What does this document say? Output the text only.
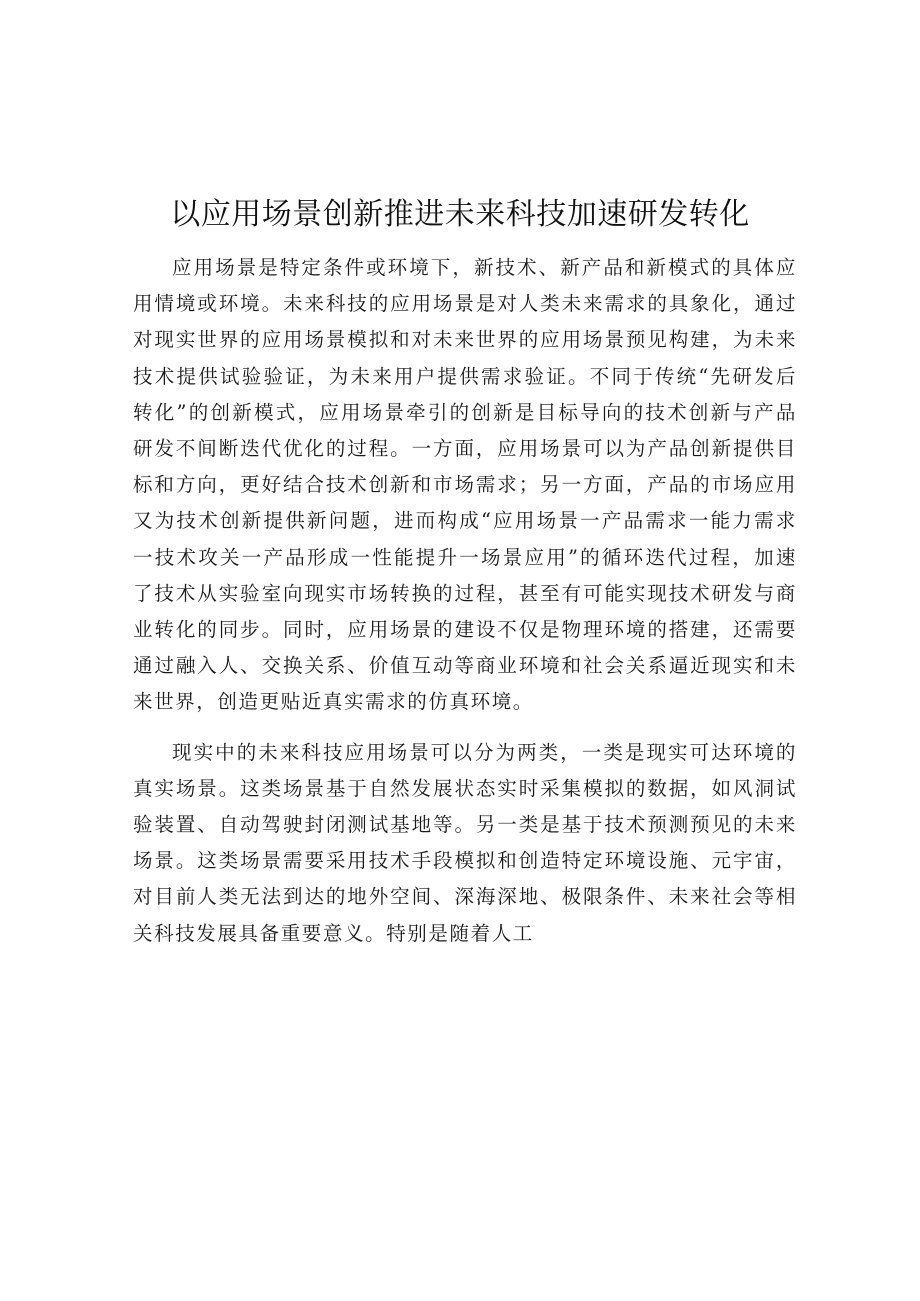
以应用场景创新推进未来科技加速研发转化

应用场景是特定条件或环境下，新技术、新产品和新模式的具体应用情境或环境。未来科技的应用场景是对人类未来需求的具象化，通过对现实世界的应用场景模拟和对未来世界的应用场景预见构建，为未来技术提供试验验证，为未来用户提供需求验证。不同于传统“先研发后转化”的创新模式，应用场景牵引的创新是目标导向的技术创新与产品研发不间断迭代优化的过程。一方面，应用场景可以为产品创新提供目标和方向，更好结合技术创新和市场需求；另一方面，产品的市场应用又为技术创新提供新问题，进而构成“应用场景一产品需求一能力需求一技术攻关一产品形成一性能提升一场景应用”的循环迭代过程，加速了技术从实验室向现实市场转换的过程，甚至有可能实现技术研发与商业转化的同步。同时，应用场景的建设不仅是物理环境的搭建，还需要通过融入人、交换关系、价值互动等商业环境和社会关系逼近现实和未来世界，创造更贴近真实需求的仿真环境。

现实中的未来科技应用场景可以分为两类，一类是现实可达环境的真实场景。这类场景基于自然发展状态实时采集模拟的数据，如风洞试验装置、自动驾驶封闭测试基地等。另一类是基于技术预测预见的未来场景。这类场景需要采用技术手段模拟和创造特定环境设施、元宇宙，对目前人类无法到达的地外空间、深海深地、极限条件、未来社会等相关科技发展具备重要意义。特别是随着人工
